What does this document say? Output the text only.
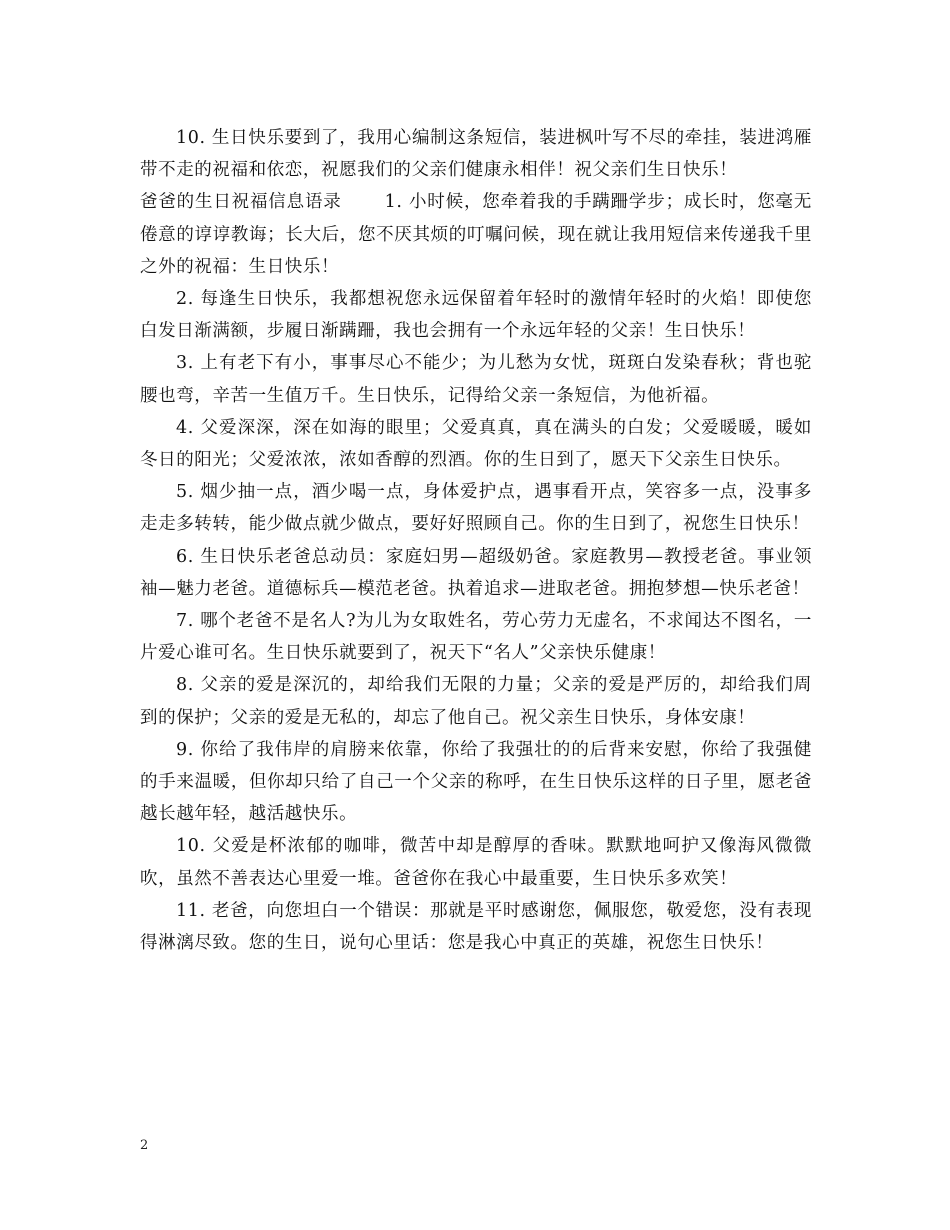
10. 生日快乐要到了，我用心编制这条短信，装进枫叶写不尽的牵挂，装进鸿雁带不走的祝福和依恋，祝愿我们的父亲们健康永相伴！祝父亲们生日快乐！

爸爸的生日祝福信息语录　　 1. 小时候，您牵着我的手蹒跚学步；成长时，您毫无倦意的谆谆教诲；长大后，您不厌其烦的叮嘱问候，现在就让我用短信来传递我千里之外的祝福：生日快乐！

2. 每逢生日快乐，我都想祝您永远保留着年轻时的激情年轻时的火焰！即使您白发日渐满额，步履日渐蹒跚，我也会拥有一个永远年轻的父亲！生日快乐！

3. 上有老下有小，事事尽心不能少；为儿愁为女忧，斑斑白发染春秋；背也驼腰也弯，辛苦一生值万千。生日快乐，记得给父亲一条短信，为他祈福。

4. 父爱深深，深在如海的眼里；父爱真真，真在满头的白发；父爱暖暖，暖如冬日的阳光；父爱浓浓，浓如香醇的烈酒。你的生日到了，愿天下父亲生日快乐。

5. 烟少抽一点，酒少喝一点，身体爱护点，遇事看开点，笑容多一点，没事多走走多转转，能少做点就少做点，要好好照顾自己。你的生日到了，祝您生日快乐！

6. 生日快乐老爸总动员：家庭妇男—超级奶爸。家庭教男—教授老爸。事业领袖—魅力老爸。道德标兵—模范老爸。执着追求—进取老爸。拥抱梦想—快乐老爸！

7. 哪个老爸不是名人?为儿为女取姓名，劳心劳力无虚名，不求闻达不图名，一片爱心谁可名。生日快乐就要到了，祝天下“名人”父亲快乐健康！

8. 父亲的爱是深沉的，却给我们无限的力量；父亲的爱是严厉的，却给我们周到的保护；父亲的爱是无私的，却忘了他自己。祝父亲生日快乐，身体安康！

9. 你给了我伟岸的肩膀来依靠，你给了我强壮的的后背来安慰，你给了我强健的手来温暖，但你却只给了自己一个父亲的称呼，在生日快乐这样的日子里，愿老爸越长越年轻，越活越快乐。

10. 父爱是杯浓郁的咖啡，微苦中却是醇厚的香味。默默地呵护又像海风微微吹，虽然不善表达心里爱一堆。爸爸你在我心中最重要，生日快乐多欢笑！

11. 老爸，向您坦白一个错误：那就是平时感谢您，佩服您，敬爱您，没有表现得淋漓尽致。您的生日，说句心里话：您是我心中真正的英雄，祝您生日快乐！

2
